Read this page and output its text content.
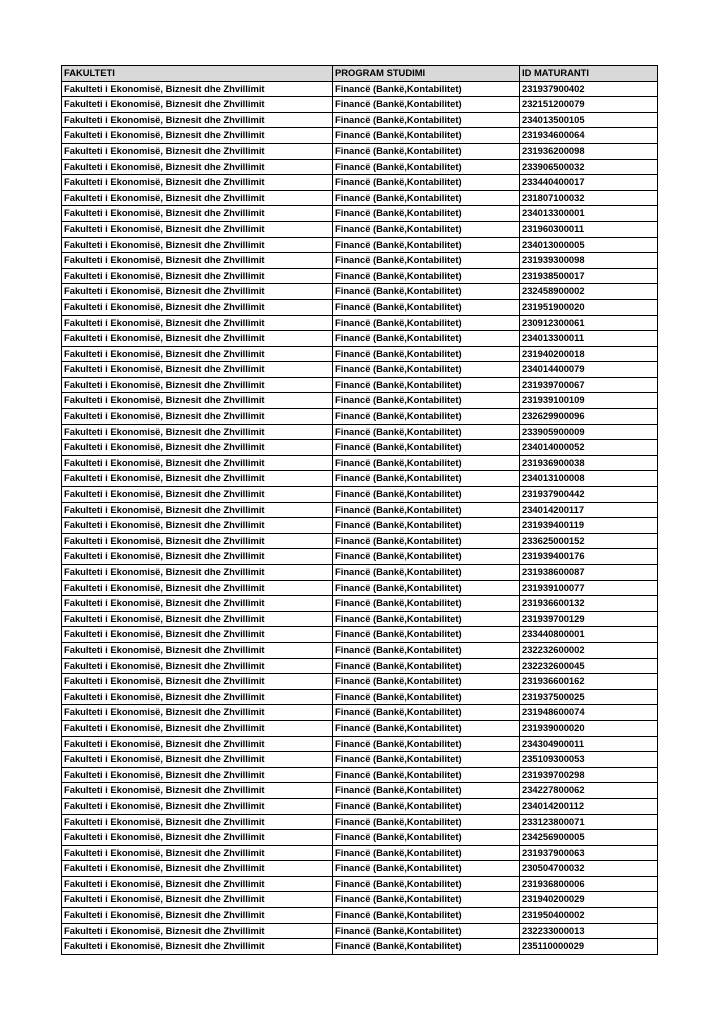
FAKULTETI	PROGRAM STUDIMI	ID MATURANTI
Fakulteti i Ekonomisë, Biznesit dhe Zhvillimit	Financë (Bankë,Kontabilitet)	231937900402
Fakulteti i Ekonomisë, Biznesit dhe Zhvillimit	Financë (Bankë,Kontabilitet)	232151200079
Fakulteti i Ekonomisë, Biznesit dhe Zhvillimit	Financë (Bankë,Kontabilitet)	234013500105
Fakulteti i Ekonomisë, Biznesit dhe Zhvillimit	Financë (Bankë,Kontabilitet)	231934600064
Fakulteti i Ekonomisë, Biznesit dhe Zhvillimit	Financë (Bankë,Kontabilitet)	231936200098
Fakulteti i Ekonomisë, Biznesit dhe Zhvillimit	Financë (Bankë,Kontabilitet)	233906500032
Fakulteti i Ekonomisë, Biznesit dhe Zhvillimit	Financë (Bankë,Kontabilitet)	233440400017
Fakulteti i Ekonomisë, Biznesit dhe Zhvillimit	Financë (Bankë,Kontabilitet)	231807100032
Fakulteti i Ekonomisë, Biznesit dhe Zhvillimit	Financë (Bankë,Kontabilitet)	234013300001
Fakulteti i Ekonomisë, Biznesit dhe Zhvillimit	Financë (Bankë,Kontabilitet)	231960300011
Fakulteti i Ekonomisë, Biznesit dhe Zhvillimit	Financë (Bankë,Kontabilitet)	234013000005
Fakulteti i Ekonomisë, Biznesit dhe Zhvillimit	Financë (Bankë,Kontabilitet)	231939300098
Fakulteti i Ekonomisë, Biznesit dhe Zhvillimit	Financë (Bankë,Kontabilitet)	231938500017
Fakulteti i Ekonomisë, Biznesit dhe Zhvillimit	Financë (Bankë,Kontabilitet)	232458900002
Fakulteti i Ekonomisë, Biznesit dhe Zhvillimit	Financë (Bankë,Kontabilitet)	231951900020
Fakulteti i Ekonomisë, Biznesit dhe Zhvillimit	Financë (Bankë,Kontabilitet)	230912300061
Fakulteti i Ekonomisë, Biznesit dhe Zhvillimit	Financë (Bankë,Kontabilitet)	234013300011
Fakulteti i Ekonomisë, Biznesit dhe Zhvillimit	Financë (Bankë,Kontabilitet)	231940200018
Fakulteti i Ekonomisë, Biznesit dhe Zhvillimit	Financë (Bankë,Kontabilitet)	234014400079
Fakulteti i Ekonomisë, Biznesit dhe Zhvillimit	Financë (Bankë,Kontabilitet)	231939700067
Fakulteti i Ekonomisë, Biznesit dhe Zhvillimit	Financë (Bankë,Kontabilitet)	231939100109
Fakulteti i Ekonomisë, Biznesit dhe Zhvillimit	Financë (Bankë,Kontabilitet)	232629900096
Fakulteti i Ekonomisë, Biznesit dhe Zhvillimit	Financë (Bankë,Kontabilitet)	233905900009
Fakulteti i Ekonomisë, Biznesit dhe Zhvillimit	Financë (Bankë,Kontabilitet)	234014000052
Fakulteti i Ekonomisë, Biznesit dhe Zhvillimit	Financë (Bankë,Kontabilitet)	231936900038
Fakulteti i Ekonomisë, Biznesit dhe Zhvillimit	Financë (Bankë,Kontabilitet)	234013100008
Fakulteti i Ekonomisë, Biznesit dhe Zhvillimit	Financë (Bankë,Kontabilitet)	231937900442
Fakulteti i Ekonomisë, Biznesit dhe Zhvillimit	Financë (Bankë,Kontabilitet)	234014200117
Fakulteti i Ekonomisë, Biznesit dhe Zhvillimit	Financë (Bankë,Kontabilitet)	231939400119
Fakulteti i Ekonomisë, Biznesit dhe Zhvillimit	Financë (Bankë,Kontabilitet)	233625000152
Fakulteti i Ekonomisë, Biznesit dhe Zhvillimit	Financë (Bankë,Kontabilitet)	231939400176
Fakulteti i Ekonomisë, Biznesit dhe Zhvillimit	Financë (Bankë,Kontabilitet)	231938600087
Fakulteti i Ekonomisë, Biznesit dhe Zhvillimit	Financë (Bankë,Kontabilitet)	231939100077
Fakulteti i Ekonomisë, Biznesit dhe Zhvillimit	Financë (Bankë,Kontabilitet)	231936600132
Fakulteti i Ekonomisë, Biznesit dhe Zhvillimit	Financë (Bankë,Kontabilitet)	231939700129
Fakulteti i Ekonomisë, Biznesit dhe Zhvillimit	Financë (Bankë,Kontabilitet)	233440800001
Fakulteti i Ekonomisë, Biznesit dhe Zhvillimit	Financë (Bankë,Kontabilitet)	232232600002
Fakulteti i Ekonomisë, Biznesit dhe Zhvillimit	Financë (Bankë,Kontabilitet)	232232600045
Fakulteti i Ekonomisë, Biznesit dhe Zhvillimit	Financë (Bankë,Kontabilitet)	231936600162
Fakulteti i Ekonomisë, Biznesit dhe Zhvillimit	Financë (Bankë,Kontabilitet)	231937500025
Fakulteti i Ekonomisë, Biznesit dhe Zhvillimit	Financë (Bankë,Kontabilitet)	231948600074
Fakulteti i Ekonomisë, Biznesit dhe Zhvillimit	Financë (Bankë,Kontabilitet)	231939000020
Fakulteti i Ekonomisë, Biznesit dhe Zhvillimit	Financë (Bankë,Kontabilitet)	234304900011
Fakulteti i Ekonomisë, Biznesit dhe Zhvillimit	Financë (Bankë,Kontabilitet)	235109300053
Fakulteti i Ekonomisë, Biznesit dhe Zhvillimit	Financë (Bankë,Kontabilitet)	231939700298
Fakulteti i Ekonomisë, Biznesit dhe Zhvillimit	Financë (Bankë,Kontabilitet)	234227800062
Fakulteti i Ekonomisë, Biznesit dhe Zhvillimit	Financë (Bankë,Kontabilitet)	234014200112
Fakulteti i Ekonomisë, Biznesit dhe Zhvillimit	Financë (Bankë,Kontabilitet)	233123800071
Fakulteti i Ekonomisë, Biznesit dhe Zhvillimit	Financë (Bankë,Kontabilitet)	234256900005
Fakulteti i Ekonomisë, Biznesit dhe Zhvillimit	Financë (Bankë,Kontabilitet)	231937900063
Fakulteti i Ekonomisë, Biznesit dhe Zhvillimit	Financë (Bankë,Kontabilitet)	230504700032
Fakulteti i Ekonomisë, Biznesit dhe Zhvillimit	Financë (Bankë,Kontabilitet)	231936800006
Fakulteti i Ekonomisë, Biznesit dhe Zhvillimit	Financë (Bankë,Kontabilitet)	231940200029
Fakulteti i Ekonomisë, Biznesit dhe Zhvillimit	Financë (Bankë,Kontabilitet)	231950400002
Fakulteti i Ekonomisë, Biznesit dhe Zhvillimit	Financë (Bankë,Kontabilitet)	232233000013
Fakulteti i Ekonomisë, Biznesit dhe Zhvillimit	Financë (Bankë,Kontabilitet)	235110000029
